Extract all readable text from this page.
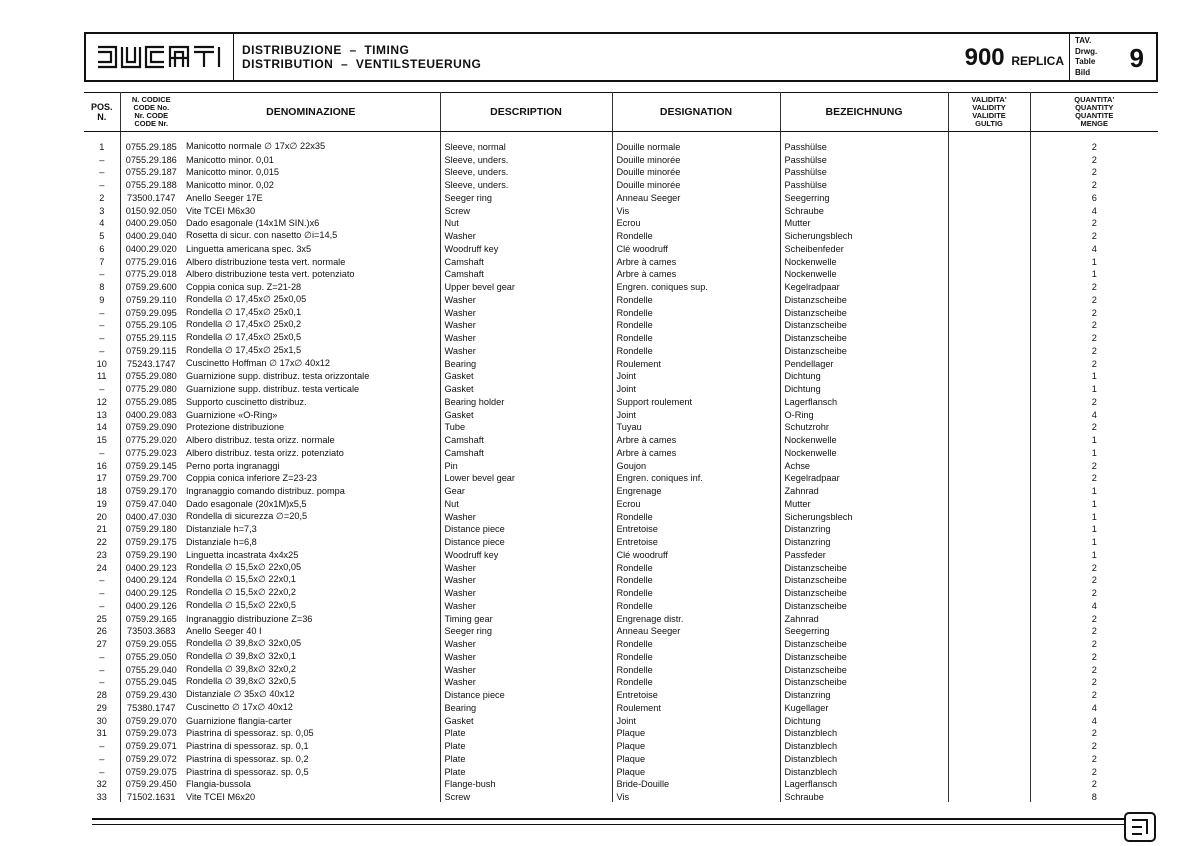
DISTRIBUZIONE  –  TIMING
DISTRIBUTION  –  VENTILSTEUERUNG	900 REPLICA
TAV.
Drwg.
Table
Bild 9
POS.
N.	N. CODICE
CODE No.
Nr. CODE
CODE Nr.	DENOMINAZIONE	DESCRIPTION	DESIGNATION	BEZEICHNUNG	VALIDITA'
VALIDITY
VALIDITE
GULTIG	QUANTITA'
QUANTITY
QUANTITE
MENGE
1	0755.29.185	Manicotto normale ∅ 17x∅ 22x35	Sleeve, normal	Douille normale	Passhülse		2
–	0755.29.186	Manicotto minor. 0,01	Sleeve, unders.	Douille minorée	Passhülse		2
–	0755.29.187	Manicotto minor. 0,015	Sleeve, unders.	Douille minorée	Passhülse		2
–	0755.29.188	Manicotto minor. 0,02	Sleeve, unders.	Douille minorée	Passhülse		2
2	73500.1747	Anello Seeger 17E	Seeger ring	Anneau Seeger	Seegerring		6
3	0150.92.050	Vite TCEI M6x30	Screw	Vis	Schraube		4
4	0400.29.050	Dado esagonale (14x1M SIN.)x6	Nut	Ecrou	Mutter		2
5	0400.29.040	Rosetta di sicur. con nasetto ∅i=14,5	Washer	Rondelle	Sicherungsblech		2
6	0400.29.020	Linguetta americana spec. 3x5	Woodruff key	Clé woodruff	Scheibenfeder		4
7	0775.29.016	Albero distribuzione testa vert. normale	Camshaft	Arbre à cames	Nockenwelle		1
–	0775.29.018	Albero distribuzione testa vert. potenziato	Camshaft	Arbre à cames	Nockenwelle		1
8	0759.29.600	Coppia conica sup. Z=21-28	Upper bevel gear	Engren. coniques sup.	Kegelradpaar		2
9	0759.29.110	Rondella ∅ 17,45x∅ 25x0,05	Washer	Rondelle	Distanzscheibe		2
–	0759.29.095	Rondella ∅ 17,45x∅ 25x0,1	Washer	Rondelle	Distanzscheibe		2
–	0755.29.105	Rondella ∅ 17,45x∅ 25x0,2	Washer	Rondelle	Distanzscheibe		2
–	0755.29.115	Rondella ∅ 17,45x∅ 25x0,5	Washer	Rondelle	Distanzscheibe		2
–	0759.29.115	Rondella ∅ 17,45x∅ 25x1,5	Washer	Rondelle	Distanzscheibe		2
10	75243.1747	Cuscinetto Hoffman ∅ 17x∅ 40x12	Bearing	Roulement	Pendellager		2
11	0755.29.080	Guarnizione supp. distribuz. testa orizzontale	Gasket	Joint	Dichtung		1
–	0775.29.080	Guarnizione supp. distribuz. testa verticale	Gasket	Joint	Dichtung		1
12	0755.29.085	Supporto cuscinetto distribuz.	Bearing holder	Support roulement	Lagerflansch		2
13	0400.29.083	Guarnizione «O-Ring»	Gasket	Joint	O-Ring		4
14	0759.29.090	Protezione distribuzione	Tube	Tuyau	Schutzrohr		2
15	0775.29.020	Albero distribuz. testa orizz. normale	Camshaft	Arbre à cames	Nockenwelle		1
–	0775.29.023	Albero distribuz. testa orizz. potenziato	Camshaft	Arbre à cames	Nockenwelle		1
16	0759.29.145	Perno porta ingranaggi	Pin	Goujon	Achse		2
17	0759.29.700	Coppia conica inferiore Z=23-23	Lower bevel gear	Engren. coniques inf.	Kegelradpaar		2
18	0759.29.170	Ingranaggio comando distribuz. pompa	Gear	Engrenage	Zahnrad		1
19	0759.47.040	Dado esagonale (20x1M)x5,5	Nut	Ecrou	Mutter		1
20	0400.47.030	Rondella di sicurezza ∅=20,5	Washer	Rondelle	Sicherungsblech		1
21	0759.29.180	Distanziale h=7,3	Distance piece	Entretoise	Distanzring		1
22	0759.29.175	Distanziale h=6,8	Distance piece	Entretoise	Distanzring		1
23	0759.29.190	Linguetta incastrata 4x4x25	Woodruff key	Clé woodruff	Passfeder		1
24	0400.29.123	Rondella ∅ 15,5x∅ 22x0,05	Washer	Rondelle	Distanzscheibe		2
–	0400.29.124	Rondella ∅ 15,5x∅ 22x0,1	Washer	Rondelle	Distanzscheibe		2
–	0400.29.125	Rondella ∅ 15,5x∅ 22x0,2	Washer	Rondelle	Distanzscheibe		2
–	0400.29.126	Rondella ∅ 15,5x∅ 22x0,5	Washer	Rondelle	Distanzscheibe		4
25	0759.29.165	Ingranaggio distribuzione Z=36	Timing gear	Engrenage distr.	Zahnrad		2
26	73503.3683	Anello Seeger 40 I	Seeger ring	Anneau Seeger	Seegerring		2
27	0759.29.055	Rondella ∅ 39,8x∅ 32x0,05	Washer	Rondelle	Distanzscheibe		2
–	0755.29.050	Rondella ∅ 39,8x∅ 32x0,1	Washer	Rondelle	Distanzscheibe		2
–	0755.29.040	Rondella ∅ 39,8x∅ 32x0,2	Washer	Rondelle	Distanzscheibe		2
–	0755.29.045	Rondella ∅ 39,8x∅ 32x0,5	Washer	Rondelle	Distanzscheibe		2
28	0759.29.430	Distanziale ∅ 35x∅ 40x12	Distance piece	Entretoise	Distanzring		2
29	75380.1747	Cuscinetto ∅ 17x∅ 40x12	Bearing	Roulement	Kugellager		4
30	0759.29.070	Guarnizione flangia-carter	Gasket	Joint	Dichtung		4
31	0759.29.073	Piastrina di spessoraz. sp. 0,05	Plate	Plaque	Distanzblech		2
–	0759.29.071	Piastrina di spessoraz. sp. 0,1	Plate	Plaque	Distanzblech		2
–	0759.29.072	Piastrina di spessoraz. sp. 0,2	Plate	Plaque	Distanzblech		2
–	0759.29.075	Piastrina di spessoraz. sp. 0,5	Plate	Plaque	Distanzblech		2
32	0759.29.450	Flangia-bussola	Flange-bush	Bride-Douille	Lagerflansch		2
33	71502.1631	Vite TCEI M6x20	Screw	Vis	Schraube		8
